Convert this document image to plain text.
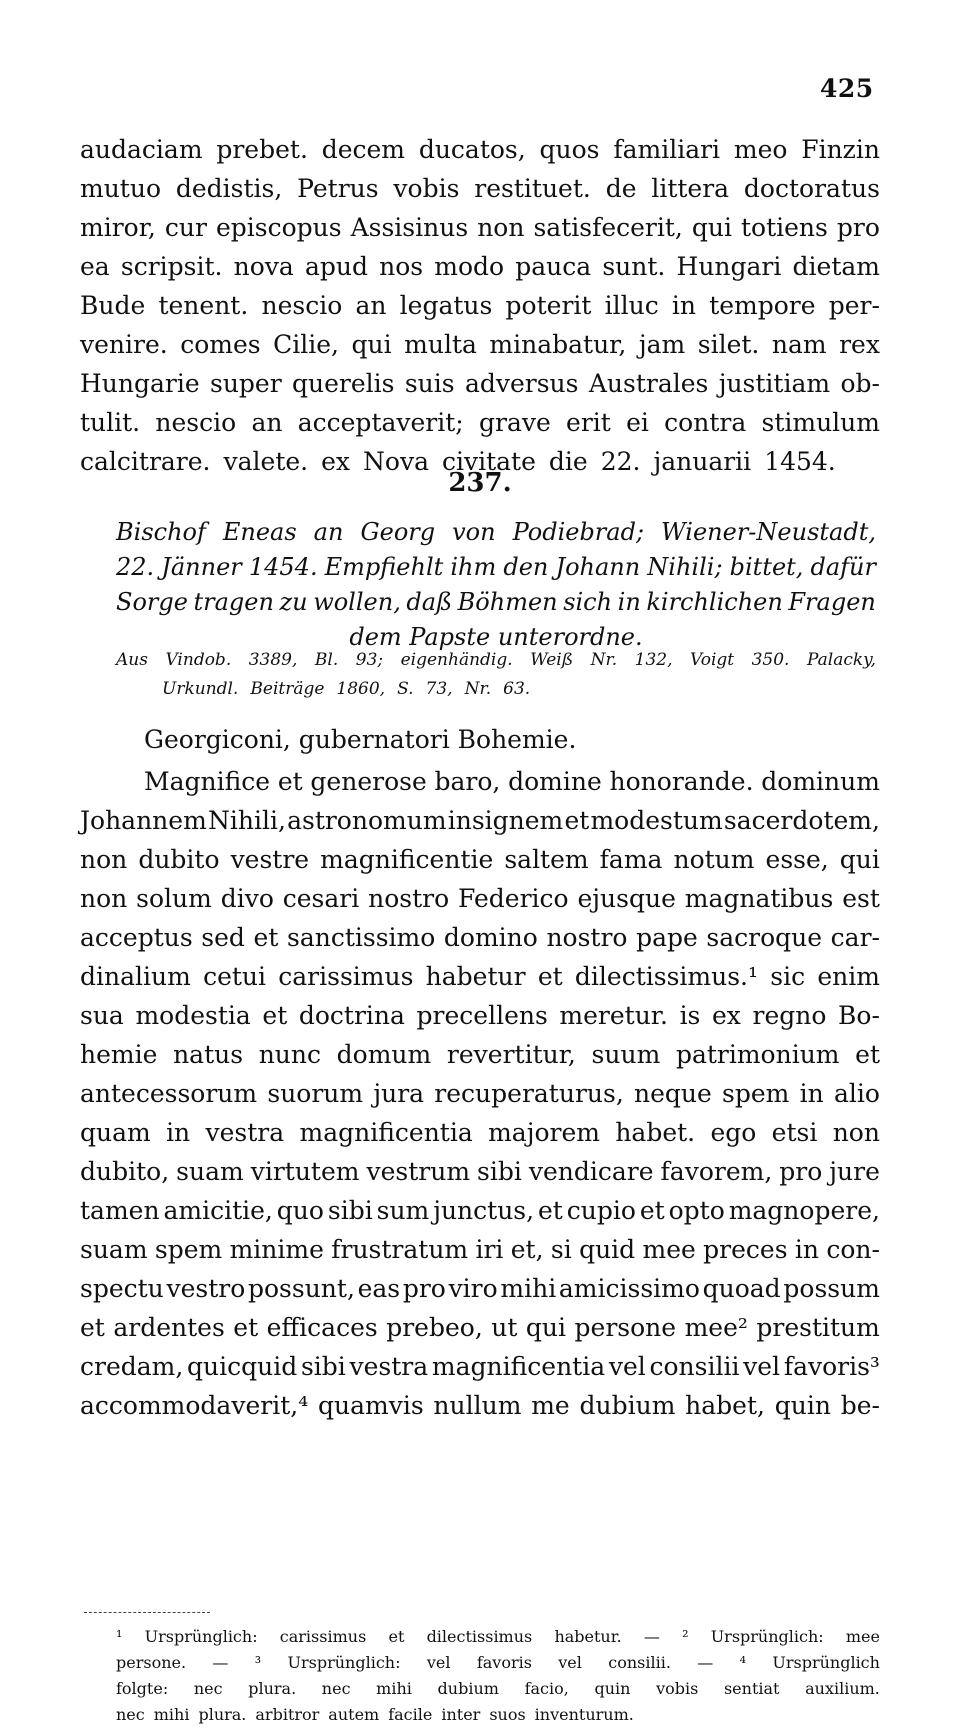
425
audaciam prebet. decem ducatos, quos familiari meo Finzin
mutuo dedistis, Petrus vobis restituet. de littera doctoratus
miror, cur episcopus Assisinus non satisfecerit, qui totiens pro
ea scripsit. nova apud nos modo pauca sunt. Hungari dietam
Bude tenent. nescio an legatus poterit illuc in tempore per-
venire. comes Cilie, qui multa minabatur, jam silet. nam rex
Hungarie super querelis suis adversus Australes justitiam ob-
tulit. nescio an acceptaverit; grave erit ei contra stimulum
calcitrare. valete. ex Nova civitate die 22. januarii 1454.
237.
Bischof Eneas an Georg von Podiebrad; Wiener-Neustadt,
22. Jänner 1454. Empfiehlt ihm den Johann Nihili; bittet, dafür
Sorge tragen zu wollen, daß Böhmen sich in kirchlichen Fragen
dem Papste unterordne.
Aus Vindob. 3389, Bl. 93; eigenhändig. Weiß Nr. 132, Voigt 350. Palacky,
Urkundl. Beiträge 1860, S. 73, Nr. 63.
Georgiconi, gubernatori Bohemie.
Magnifice et generose baro, domine honorande. dominum
Johannem Nihili, astronomum insignem et modestum sacerdotem,
non dubito vestre magnificentie saltem fama notum esse, qui
non solum divo cesari nostro Federico ejusque magnatibus est
acceptus sed et sanctissimo domino nostro pape sacroque car-
dinalium cetui carissimus habetur et dilectissimus.¹ sic enim
sua modestia et doctrina precellens meretur. is ex regno Bo-
hemie natus nunc domum revertitur, suum patrimonium et
antecessorum suorum jura recuperaturus, neque spem in alio
quam in vestra magnificentia majorem habet. ego etsi non
dubito, suam virtutem vestrum sibi vendicare favorem, pro jure
tamen amicitie, quo sibi sum junctus, et cupio et opto magnopere,
suam spem minime frustratum iri et, si quid mee preces in con-
spectu vestro possunt, eas pro viro mihi amicissimo quoad possum
et ardentes et efficaces prebeo, ut qui persone mee² prestitum
credam, quicquid sibi vestra magnificentia vel consilii vel favoris³
accommodaverit,⁴ quamvis nullum me dubium habet, quin be-
¹ Ursprünglich: carissimus et dilectissimus habetur. — ² Ursprünglich: mee
persone. — ³ Ursprünglich: vel favoris vel consilii. — ⁴ Ursprünglich
folgte: nec plura. nec mihi dubium facio, quin vobis sentiat auxilium.
nec mihi plura. arbitror autem facile inter suos inventurum.
